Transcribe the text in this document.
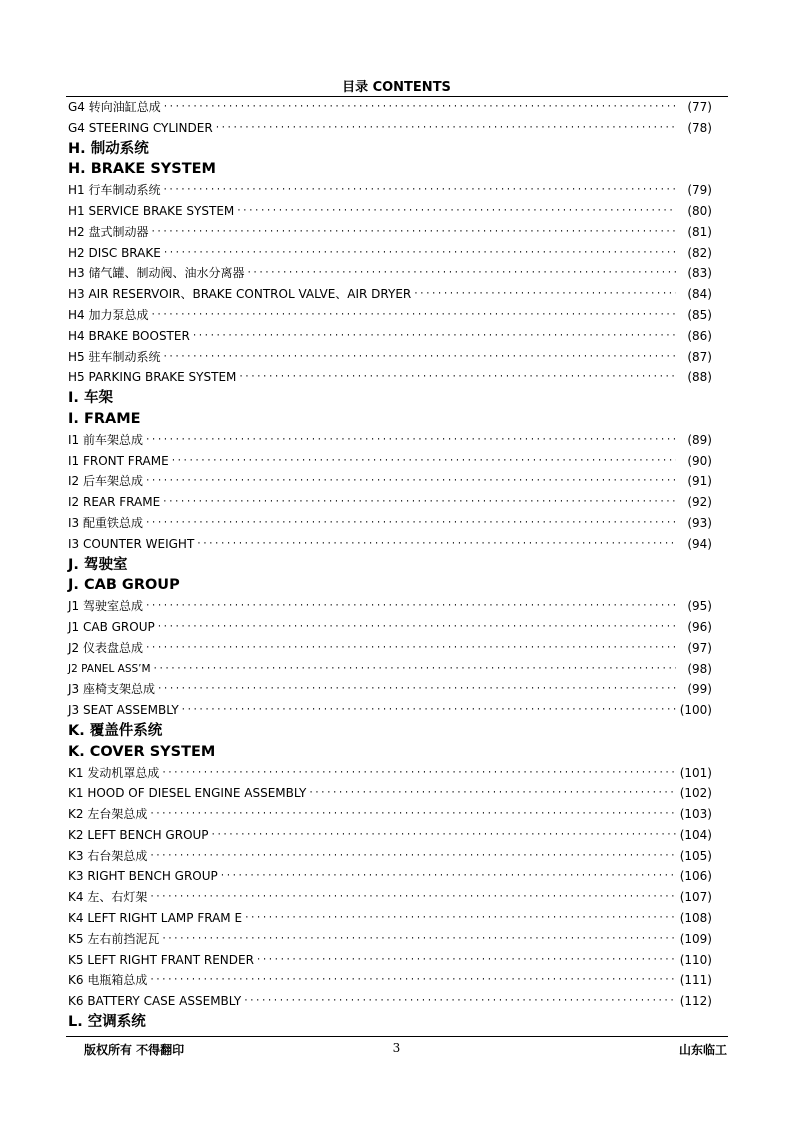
目录 CONTENTS
G4 转向油缸总成 ·····	(77)
G4 STEERING CYLINDER ·····	(78)
H. 制动系统
H. BRAKE SYSTEM
H1 行车制动系统 ·····	(79)
H1 SERVICE BRAKE SYSTEM ·····	(80)
H2 盘式制动器 ·····	(81)
H2 DISC BRAKE ·····	(82)
H3 储气罐、制动阀、油水分离器 ·····	(83)
H3 AIR RESERVOIR、BRAKE CONTROL VALVE、AIR DRYER ·····	(84)
H4 加力泵总成 ·····	(85)
H4 BRAKE BOOSTER ·····	(86)
H5 驻车制动系统 ·····	(87)
H5 PARKING BRAKE SYSTEM ·····	(88)
I. 车架
I. FRAME
I1 前车架总成 ·····	(89)
I1 FRONT FRAME ·····	(90)
I2 后车架总成 ·····	(91)
I2 REAR FRAME ·····	(92)
I3 配重铁总成 ·····	(93)
I3 COUNTER WEIGHT ·····	(94)
J. 驾驶室
J. CAB GROUP
J1 驾驶室总成 ·····	(95)
J1 CAB GROUP ·····	(96)
J2 仪表盘总成 ·····	(97)
J2 PANEL ASS’M ·····	(98)
J3 座椅支架总成 ·····	(99)
J3 SEAT ASSEMBLY ·····	(100)
K. 覆盖件系统
K. COVER SYSTEM
K1 发动机罩总成 ·····	(101)
K1 HOOD OF DIESEL ENGINE ASSEMBLY ·····	(102)
K2 左台架总成 ·····	(103)
K2 LEFT BENCH GROUP ·····	(104)
K3 右台架总成 ·····	(105)
K3 RIGHT BENCH GROUP ·····	(106)
K4 左、右灯架 ·····	(107)
K4 LEFT RIGHT LAMP FRAM E ·····	(108)
K5 左右前挡泥瓦 ·····	(109)
K5 LEFT RIGHT FRANT RENDER ·····	(110)
K6 电瓶箱总成 ·····	(111)
K6 BATTERY CASE ASSEMBLY ·····	(112)
L. 空调系统
版权所有 不得翻印	3	山东临工
